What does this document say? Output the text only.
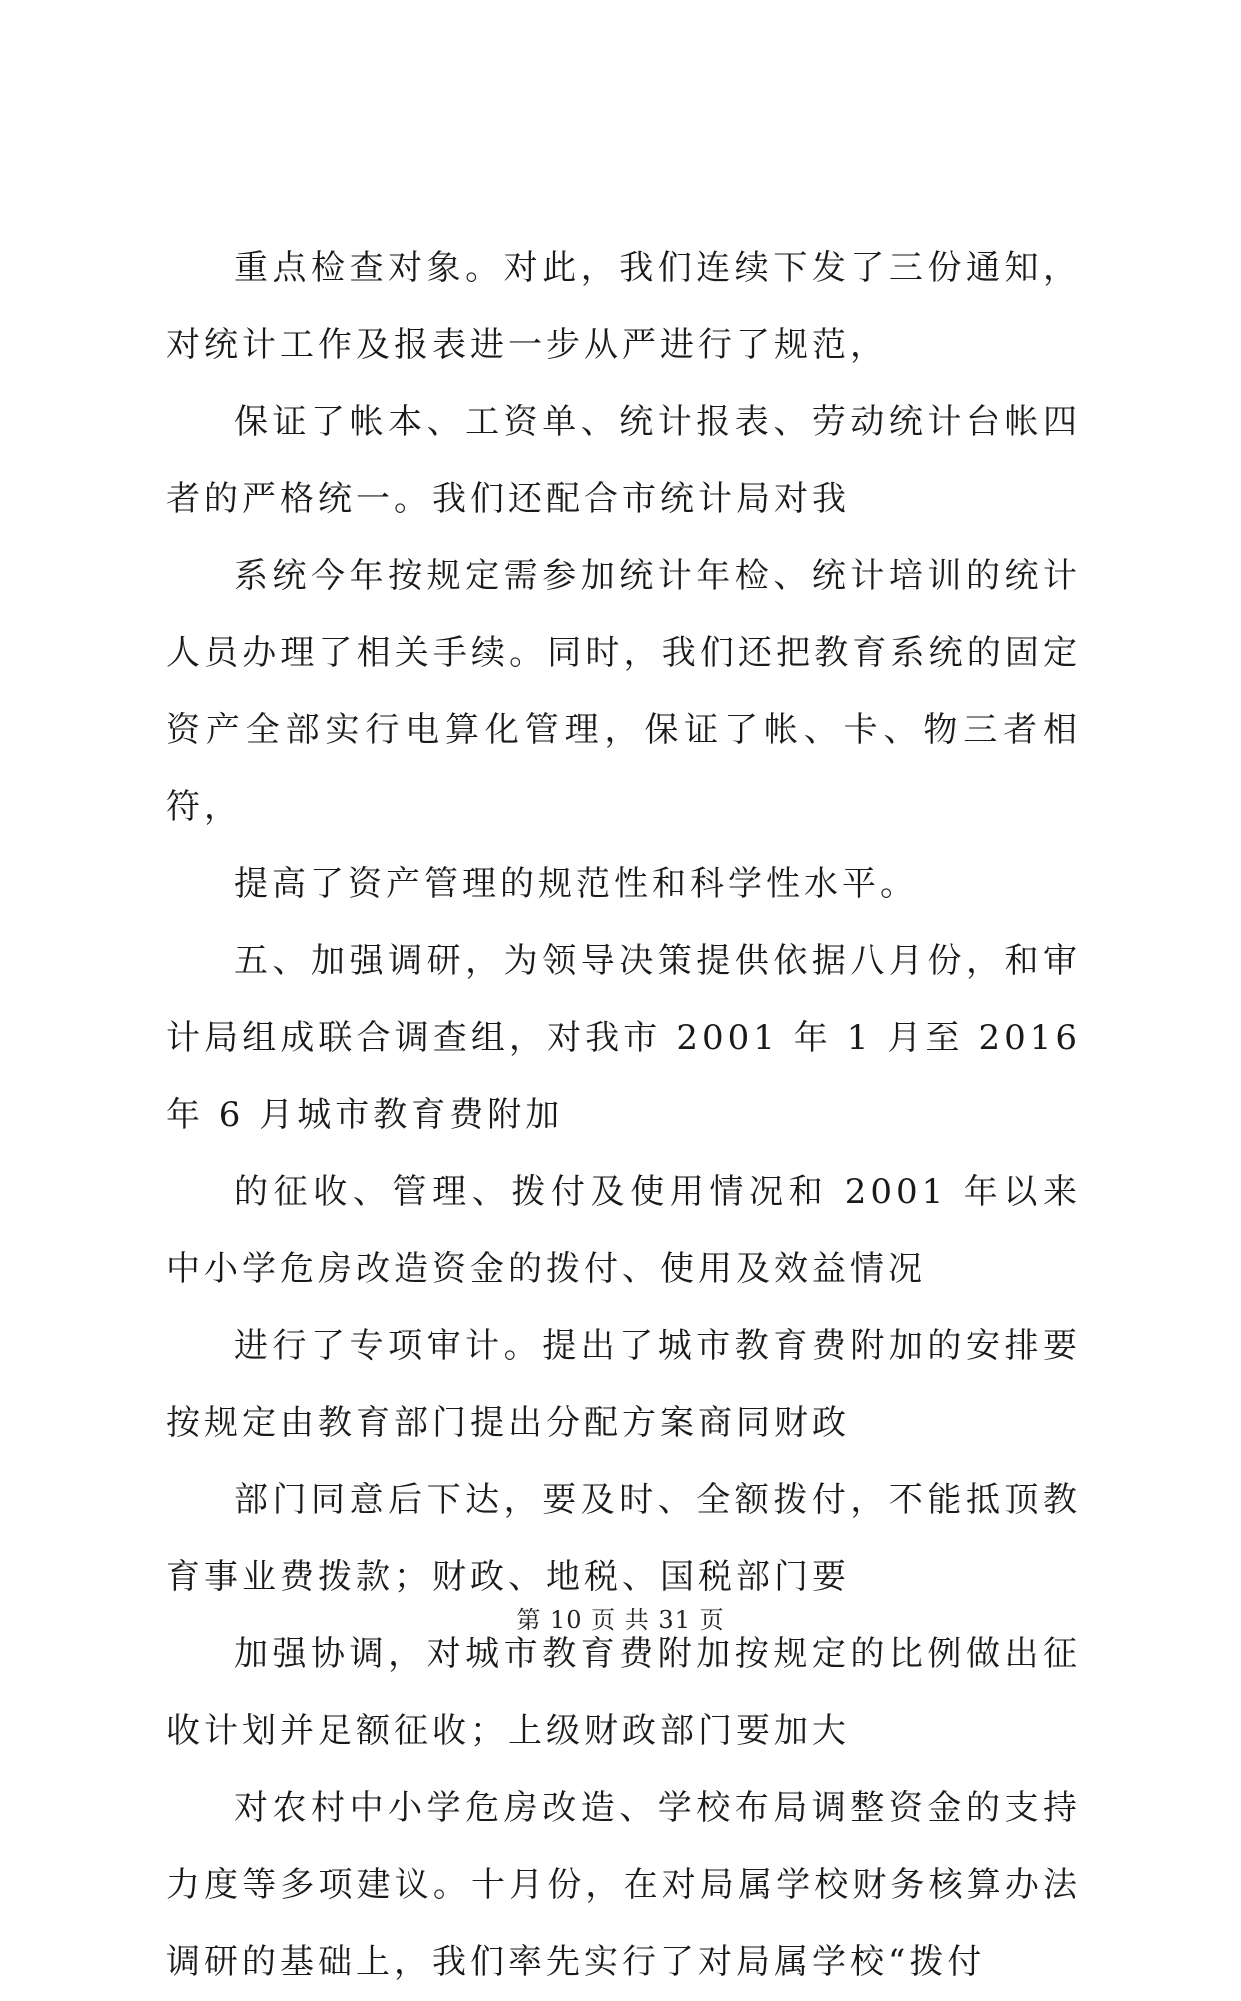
重点检查对象。对此，我们连续下发了三份通知，对统计工作及报表进一步从严进行了规范，

保证了帐本、工资单、统计报表、劳动统计台帐四者的严格统一。我们还配合市统计局对我

系统今年按规定需参加统计年检、统计培训的统计人员办理了相关手续。同时，我们还把教育系统的固定资产全部实行电算化管理，保证了帐、卡、物三者相符，

提高了资产管理的规范性和科学性水平。

五、加强调研，为领导决策提供依据八月份，和审计局组成联合调查组，对我市 2001 年 1 月至 2016 年 6 月城市教育费附加

的征收、管理、拨付及使用情况和 2001 年以来中小学危房改造资金的拨付、使用及效益情况

进行了专项审计。提出了城市教育费附加的安排要按规定由教育部门提出分配方案商同财政

部门同意后下达，要及时、全额拨付，不能抵顶教育事业费拨款；财政、地税、国税部门要

加强协调，对城市教育费附加按规定的比例做出征收计划并足额征收；上级财政部门要加大

对农村中小学危房改造、学校布局调整资金的支持力度等多项建议。十月份，在对局属学校财务核算办法调研的基础上，我们率先实行了对局属学校“拨付

第 10 页 共 31 页
